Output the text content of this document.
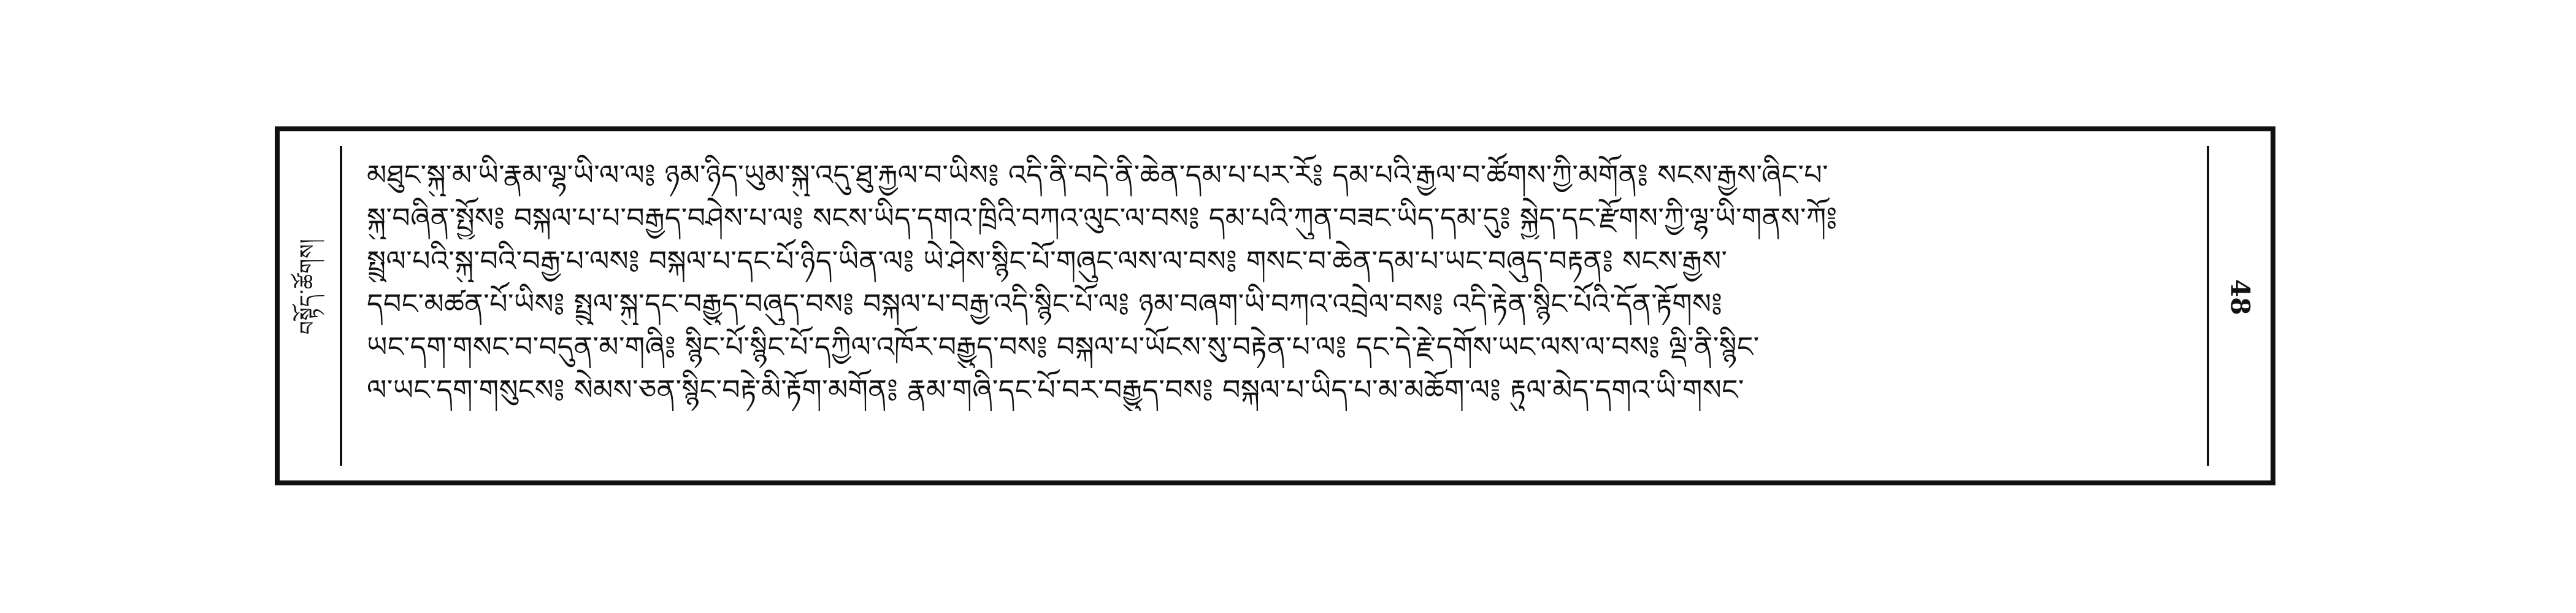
བསྟོད་ཚོགས།
མཐུང་སྐུ་མ་ཡི་རྣམ་ལྷ་ཡི་ལ་ལ༔ ཉམ་ཉིད་ཡུམ་སྐུ་འདུ་ཐུ་རྐྱལ་བ་ཡིས༔ འདི་ནི་བདེ་ནི་ཆེན་དམ་པ་པར་རོ༔ དམ་པའི་རྒྱལ་བ་ཚོགས་ཀྱི་མགོན༔ སངས་རྒྱས་ཞིང་པ་
སྐུ་བཞིན་སྤྱོས༔ བསྐལ་པ་པ་བརྒྱད་བཤེས་པ་ལ༔ སངས་ཡིད་དགའ་ཁྲིའི་བཀའ་ལུང་ལ་བས༔ དམ་པའི་ཀུན་བཟང་ཡིད་དམ་དུ༔ སྐྱེད་དང་རྫོགས་ཀྱི་ལྷ་ཡི་གནས་ཀོ༔
སྤྲུལ་པའི་སྐུ་བའི་བརྒྱ་པ་ལས༔ བསྐལ་པ་དང་པོ་ཉིད་ཡིན་ལ༔ ཡེ་ཤེས་སྙིང་པོ་གཞུང་ལས་ལ་བས༔ གསང་བ་ཆེན་དམ་པ་ཡང་བཞུད་བརྟན༔ སངས་རྒྱས་
དབང་མཚན་པོ་ཡིས༔ སྤྲུལ་སྐུ་དང་བརྒྱུད་བཞུད་བས༔ བསྐལ་པ་བརྒྱ་འདི་སྙིང་པོ་ལ༔ ཉམ་བཞག་ཡི་བཀའ་འབྲེལ་བས༔ འདི་རྟེན་སྙིང་པོའི་དོན་རྟོགས༔
ཡང་དག་གསང་བ་བདུན་མ་གཞི༔ སྙིང་པོ་སྙིང་པོ་དཀྱིལ་འཁོར་བརྒྱུད་བས༔ བསྐལ་པ་ཡོངས་སུ་བརྟེན་པ་ལ༔ དང་དེ་རྗེ་དགོས་ཡང་ལས་ལ་བས༔ ལྡི་ནི་སྙིང་
ལ་ཡང་དག་གསུངས༔ སེམས་ཅན་སྙིང་བརྟེ་མི་རྟོག་མགོན༔ རྣམ་གཞི་དང་པོ་བར་བརྒྱུད་བས༔ བསྐལ་པ་ཡིད་པ་མ་མཆོག་ལ༔ རྟུལ་མེད་དགའ་ཡི་གསང་
48
